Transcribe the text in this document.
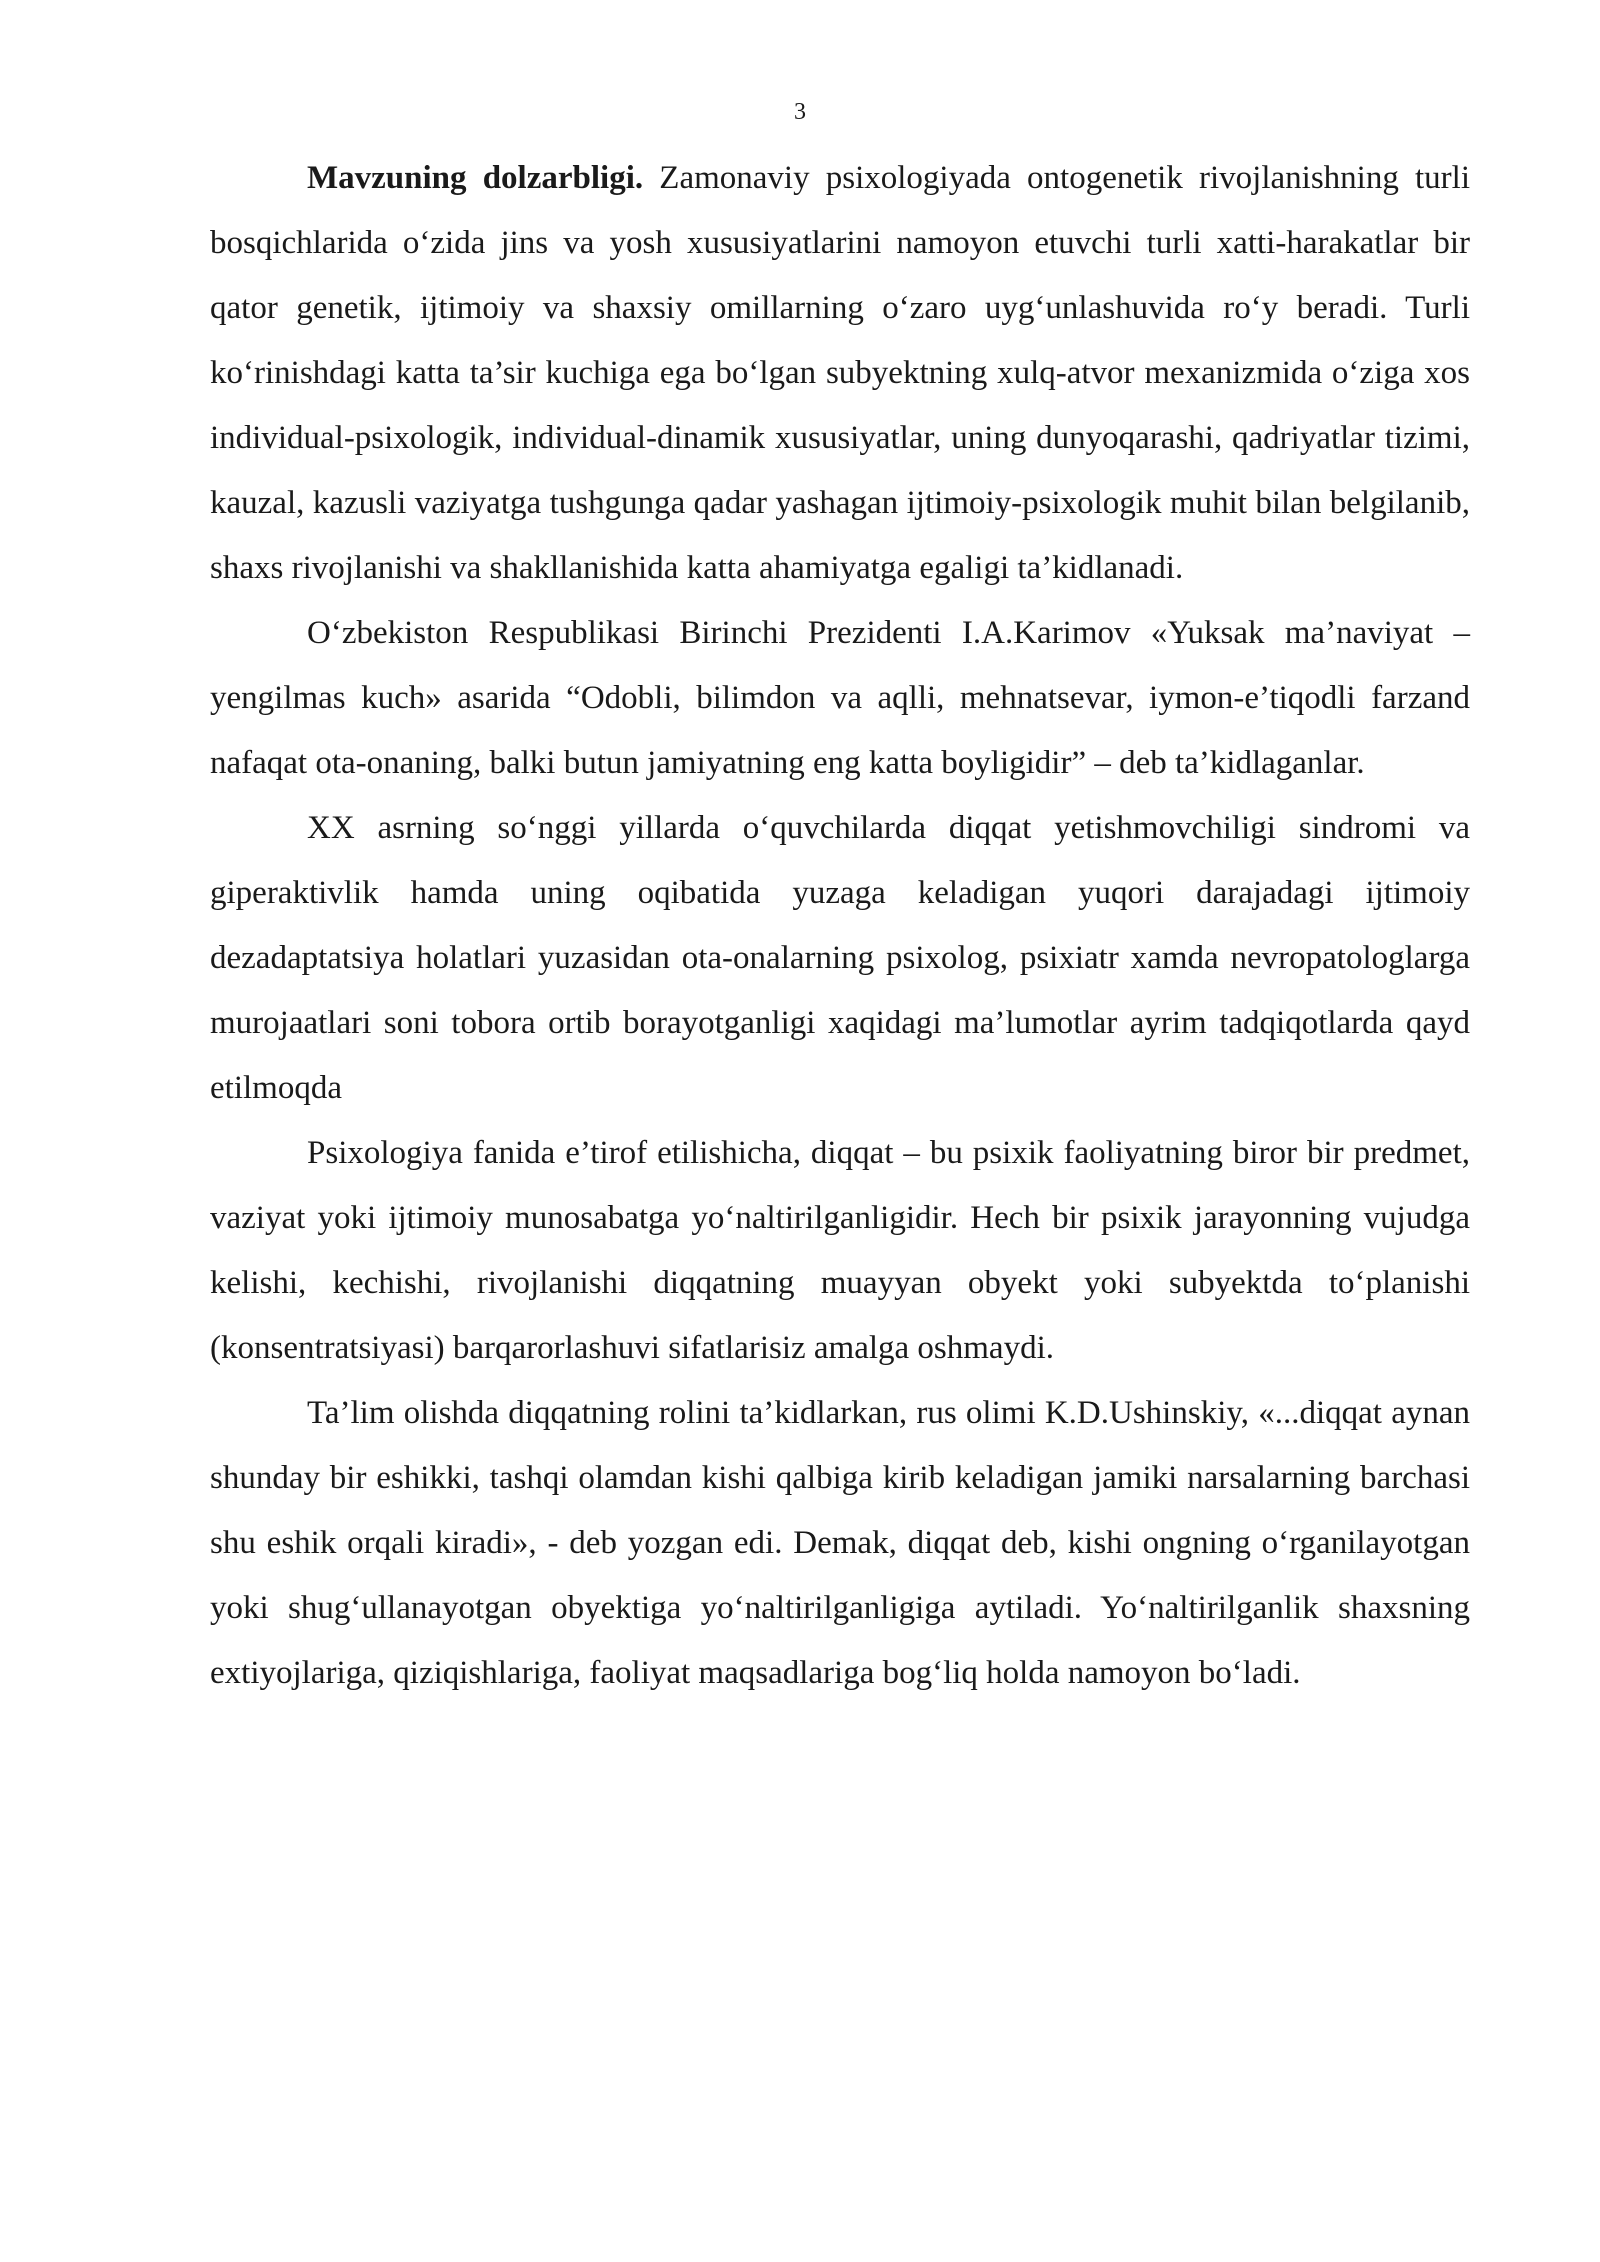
3

Mavzuning dolzarbligi. Zamonaviy psixologiyada ontogenetik rivojlanishning turli bosqichlarida o‘zida jins va yosh xususiyatlarini namoyon etuvchi turli xatti-harakatlar bir qator genetik, ijtimoiy va shaxsiy omillarning o‘zaro uyg‘unlashuvida ro‘y beradi. Turli ko‘rinishdagi katta ta’sir kuchiga ega bo‘lgan subyektning xulq-atvor mexanizmida o‘ziga xos individual-psixologik, individual-dinamik xususiyatlar, uning dunyoqarashi, qadriyatlar tizimi, kauzal, kazusli vaziyatga tushgunga qadar yashagan ijtimoiy-psixologik muhit bilan belgilanib, shaxs rivojlanishi va shakllanishida katta ahamiyatga egaligi ta’kidlanadi.

O‘zbekiston Respublikasi Birinchi Prezidenti I.A.Karimov «Yuksak ma’naviyat – yengilmas kuch» asarida “Odobli, bilimdon va aqlli, mehnatsevar, iymon-e’tiqodli farzand nafaqat ota-onaning, balki butun jamiyatning eng katta boyligidir” – deb ta’kidlaganlar.

XX asrning so‘nggi yillarda o‘quvchilarda diqqat yetishmovchiligi sindromi va giperaktivlik hamda uning oqibatida yuzaga keladigan yuqori darajadagi ijtimoiy dezadaptatsiya holatlari yuzasidan ota-onalarning psixolog, psixiatr xamda nevropatologlarga murojaatlari soni tobora ortib borayotganligi xaqidagi ma’lumotlar ayrim tadqiqotlarda qayd etilmoqda

Psixologiya fanida e’tirof etilishicha, diqqat – bu psixik faoliyatning biror bir predmet, vaziyat yoki ijtimoiy munosabatga yo‘naltirilganligidir. Hech bir psixik jarayonning vujudga kelishi, kechishi, rivojlanishi diqqatning muayyan obyekt yoki subyektda to‘planishi (konsentratsiyasi) barqarorlashuvi sifatlarisiz amalga oshmaydi.

Ta’lim olishda diqqatning rolini ta’kidlarkan, rus olimi K.D.Ushinskiy, «...diqqat aynan shunday bir eshikki, tashqi olamdan kishi qalbiga kirib keladigan jamiki narsalarning barchasi shu eshik orqali kiradi», - deb yozgan edi. Demak, diqqat deb, kishi ongning o‘rganilayotgan yoki shug‘ullanayotgan obyektiga yo‘naltirilganligiga aytiladi. Yo‘naltirilganlik shaxsning extiyojlariga, qiziqishlariga, faoliyat maqsadlariga bog‘liq holda namoyon bo‘ladi.
